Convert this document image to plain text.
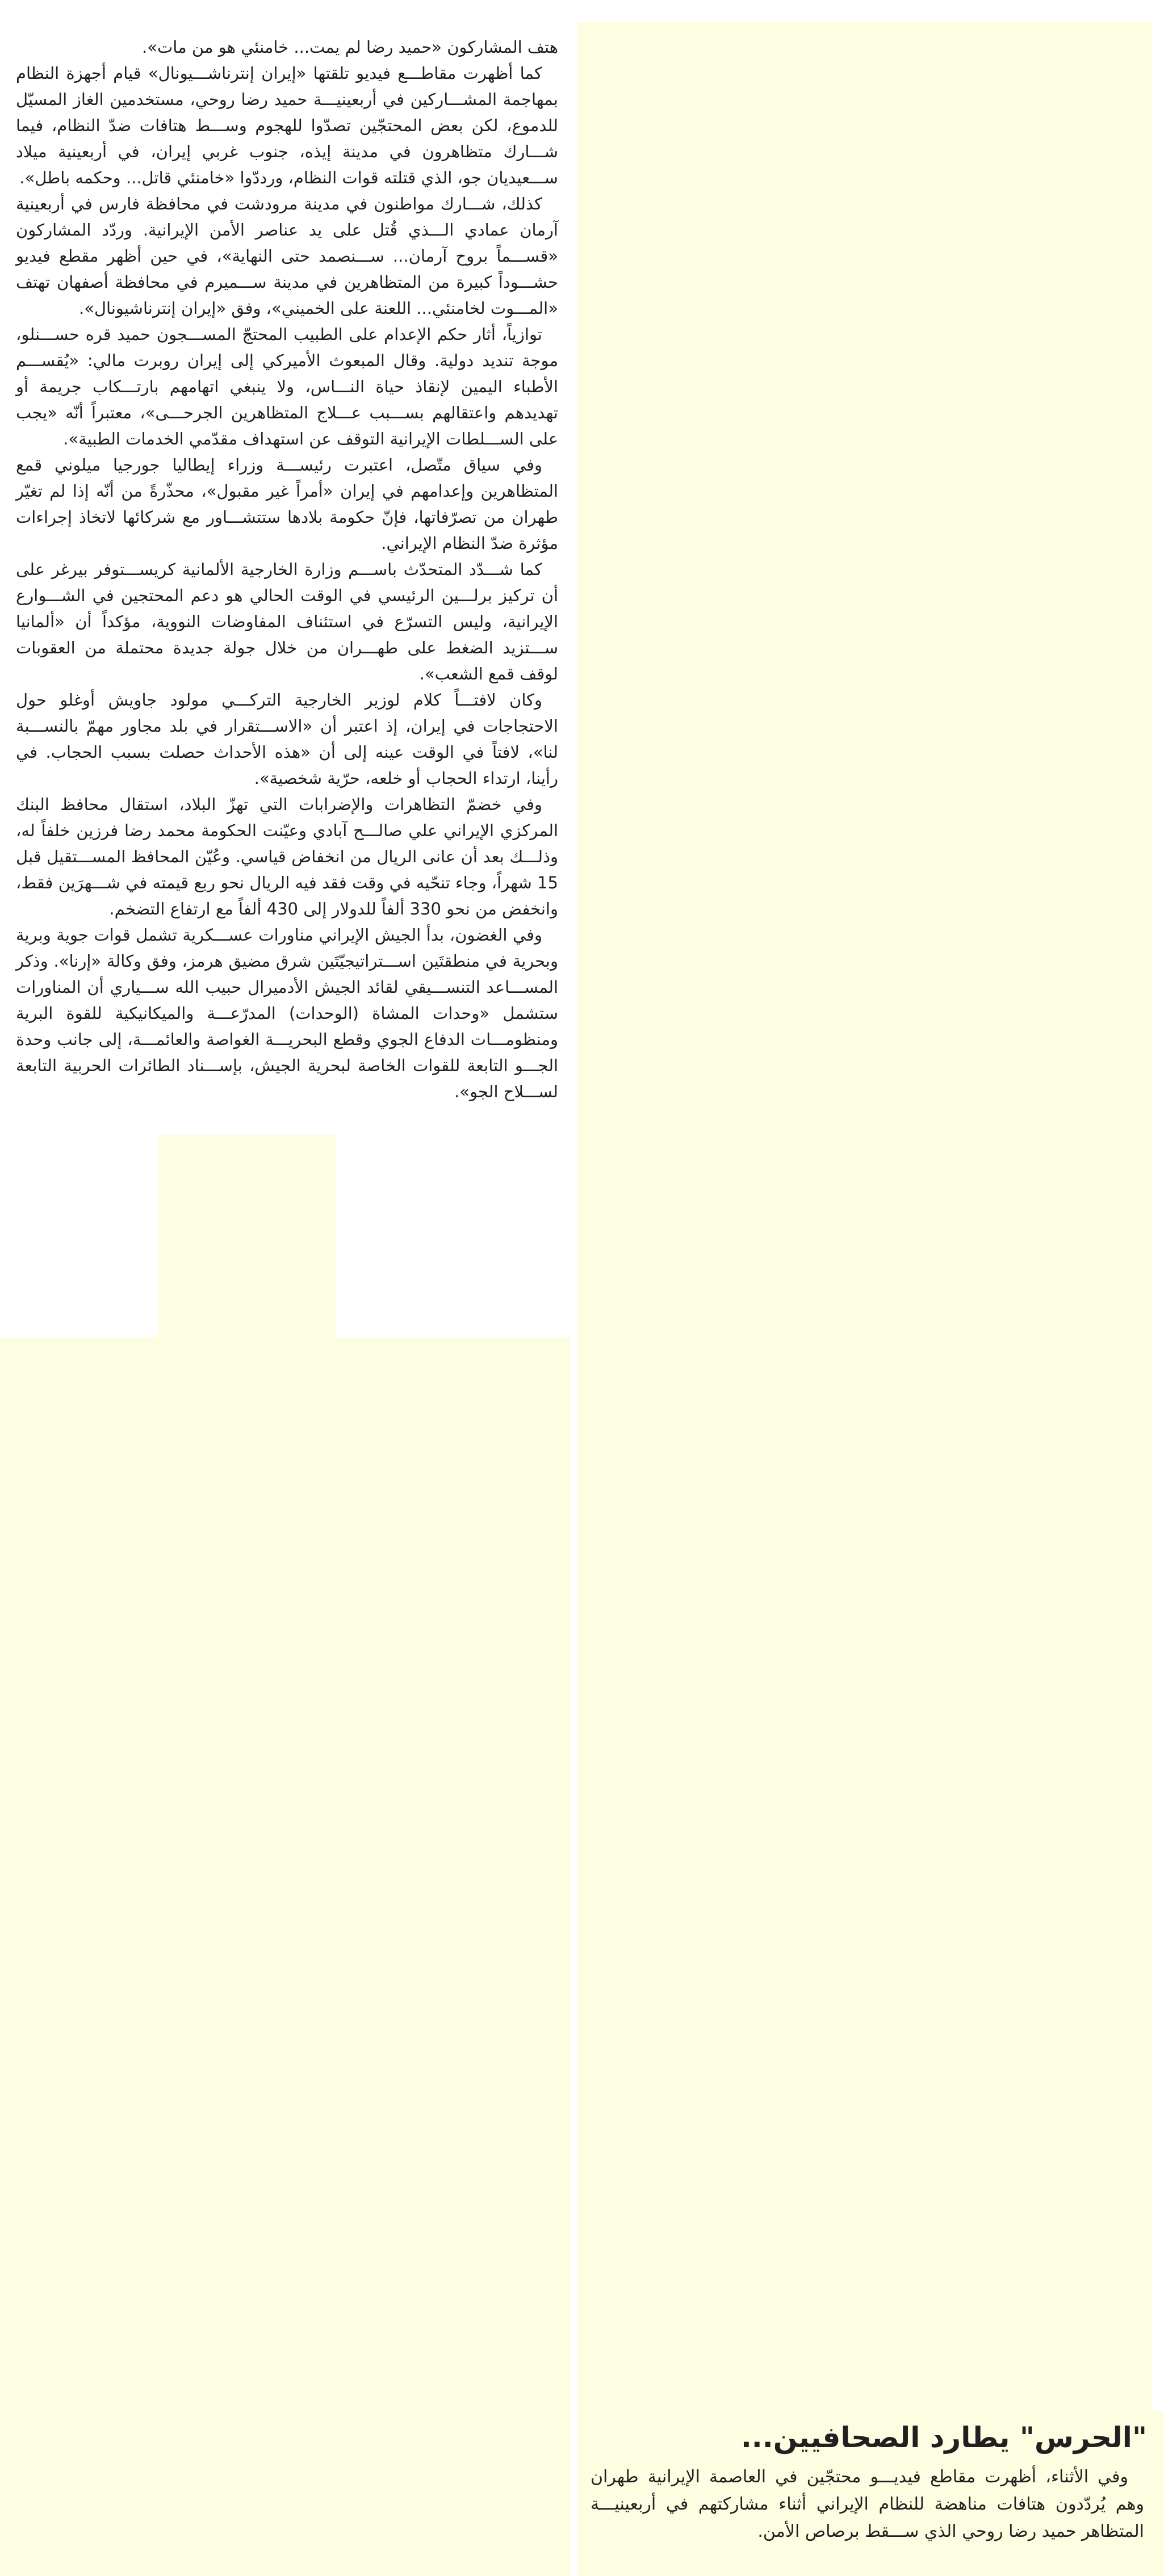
هتف المشاركون «حميد رضا لم يمت... خامنئي هو من مات».

كما أظهرت مقاطـــع فيديو تلقتها «إيران إنترناشـــيونال» قيام أجهزة النظام بمهاجمة المشـــاركين في أربعينيـــة حميد رضا روحي، مستخدمين الغاز المسيّل للدموع، لكن بعض المحتجّين تصدّوا للهجوم وســـط هتافات ضدّ النظام، فيما شـــارك متظاهرون في مدينة إيذه، جنوب غربي إيران، في أربعينية ميلاد ســـعيديان جو، الذي قتلته قوات النظام، ورددّوا «خامنئي قاتل... وحكمه باطل».

كذلك، شـــارك مواطنون في مدينة مرودشت في محافظة فارس في أربعينية آرمان عمادي الـــذي قُتل على يد عناصر الأمن الإيرانية. وردّد المشاركون «قســـماً بروح آرمان... ســـنصمد حتى النهاية»، في حين أظهر مقطع فيديو حشـــوداً كبيرة من المتظاهرين في مدينة ســـميرم في محافظة أصفهان تهتف «المـــوت لخامنئي... اللعنة على الخميني»، وفق «إيران إنترناشيونال».

توازياً، أثار حكم الإعدام على الطبيب المحتجّ المســـجون حميد قره حســـنلو، موجة تنديد دولية. وقال المبعوث الأميركي إلى إيران روبرت مالي: «يُقســـم الأطباء اليمين لإنقاذ حياة النـــاس، ولا ينبغي اتهامهم بارتـــكاب جريمة أو تهديدهم واعتقالهم بســـبب عـــلاج المتظاهرين الجرحـــى»، معتبراً أنّه «يجب على الســـلطات الإيرانية التوقف عن استهداف مقدّمي الخدمات الطبية».

وفي سياق متّصل، اعتبرت رئيســـة وزراء إيطاليا جورجيا ميلوني قمع المتظاهرين وإعدامهم في إيران «أمراً غير مقبول»، محذّرةً من أنّه إذا لم تغيّر طهران من تصرّفاتها، فإنّ حكومة بلادها ستتشـــاور مع شركائها لاتخاذ إجراءات مؤثرة ضدّ النظام الإيراني.

كما شـــدّد المتحدّث باســـم وزارة الخارجية الألمانية كريســـتوفر بيرغر على أن تركيز برلـــين الرئيسي في الوقت الحالي هو دعم المحتجين في الشـــوارع الإيرانية، وليس التسرّع في استئناف المفاوضات النووية، مؤكداً أن «ألمانيا ســـتزيد الضغط على طهـــران من خلال جولة جديدة محتملة من العقوبات لوقف قمع الشعب».

وكان لافتـــاً كلام لوزير الخارجية التركـــي مولود جاويش أوغلو حول الاحتجاجات في إيران، إذ اعتبر أن «الاســـتقرار في بلد مجاور مهمّ بالنســـبة لنا»، لافتاً في الوقت عينه إلى أن «هذه الأحداث حصلت بسبب الحجاب. في رأينا، ارتداء الحجاب أو خلعه، حرّية شخصية».

وفي خضمّ التظاهرات والإضرابات التي تهزّ البلاد، استقال محافظ البنك المركزي الإيراني علي صالـــح آبادي وعيّنت الحكومة محمد رضا فرزين خلفاً له، وذلـــك بعد أن عانى الريال من انخفاض قياسي. وعُيّن المحافظ المســـتقيل قبل 15 شهراً، وجاء تنحّيه في وقت فقد فيه الريال نحو ربع قيمته في شـــهرَين فقط، وانخفض من نحو 330 ألفاً للدولار إلى 430 ألفاً مع ارتفاع التضخم.

وفي الغضون، بدأ الجيش الإيراني مناورات عســـكرية تشمل قوات جوية وبرية وبحرية في منطقتَين اســـتراتيجيّتَين شرق مضيق هرمز، وفق وكالة «إرنا». وذكر المســـاعد التنســـيقي لقائد الجيش الأدميرال حبيب الله ســـياري أن المناورات ستشمل «وحدات المشاة (الوحدات) المدرّعـــة والميكانيكية للقوة البرية ومنظومـــات الدفاع الجوي وقطع البحريـــة الغواصة والعائمـــة، إلى جانب وحدة الجـــو التابعة للقوات الخاصة لبحرية الجيش، بإســـناد الطائرات الحربية التابعة لســـلاح الجو».

"الحرس" يطارد الصحافيين...

وفي الأثناء، أظهرت مقاطع فيديـــو محتجّين في العاصمة الإيرانية طهران وهم يُردّدون هتافات مناهضة للنظام الإيراني أثناء مشاركتهم في أربعينيـــة المتظاهر حميد رضا روحي الذي ســـقط برصاص الأمن.
